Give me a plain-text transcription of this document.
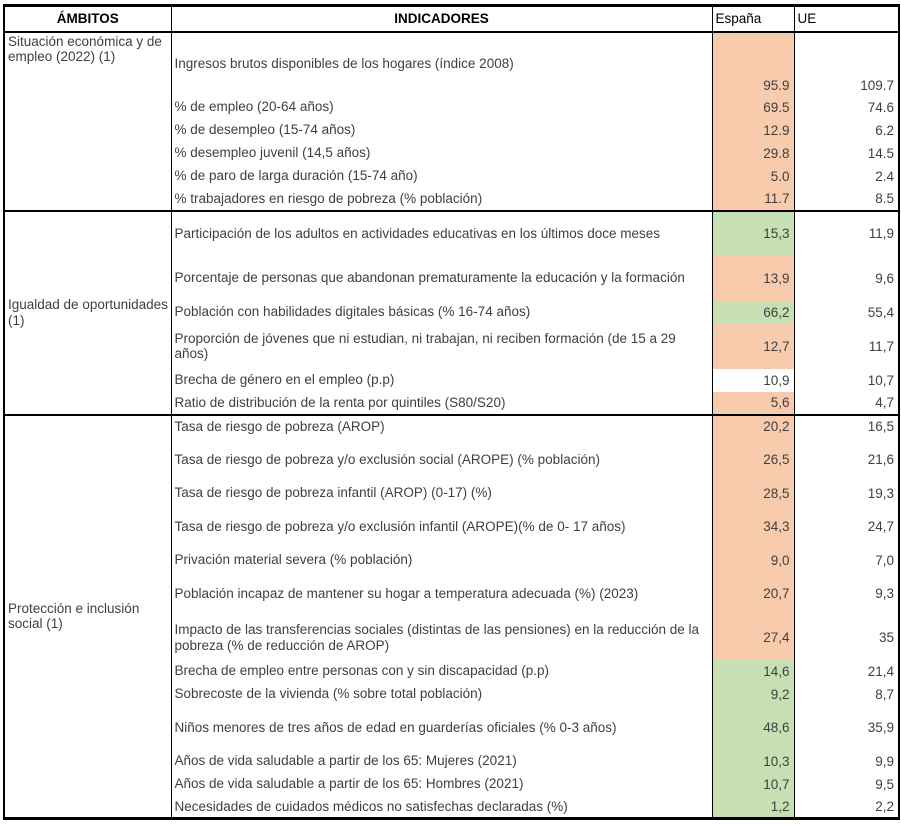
ÁMBITOS	INDICADORES	España	UE
Situación económica y de empleo (2022) (1)	Ingresos brutos disponibles de los hogares (índice 2008)	95.9	109.7
	% de empleo (20-64 años)	69.5	74.6
	% de desempleo (15-74 años)	12.9	6.2
	% desempleo juvenil (14,5 años)	29.8	14.5
	% de paro de larga duración (15-74 año)	5.0	2.4
	% trabajadores en riesgo de pobreza (% población)	11.7	8.5
Igualdad de oportunidades (1)	Participación de los adultos en actividades educativas en los últimos doce meses	15,3	11,9
	Porcentaje de personas que abandonan prematuramente la educación y la formación	13,9	9,6
	Población con habilidades digitales básicas (% 16-74 años)	66,2	55,4
	Proporción de jóvenes que ni estudian, ni trabajan, ni reciben formación (de 15 a 29 años)	12,7	11,7
	Brecha de género en el empleo (p.p)	10,9	10,7
	Ratio de distribución de la renta por quintiles (S80/S20)	5,6	4,7
Protección e inclusión social (1)	Tasa de riesgo de pobreza (AROP)	20,2	16,5
	Tasa de riesgo de pobreza y/o exclusión social (AROPE) (% población)	26,5	21,6
	Tasa de riesgo de pobreza infantil (AROP) (0-17) (%)	28,5	19,3
	Tasa de riesgo de pobreza y/o exclusión infantil (AROPE)(% de 0- 17 años)	34,3	24,7
	Privación material severa (% población)	9,0	7,0
	Población incapaz de mantener su hogar a temperatura adecuada (%) (2023)	20,7	9,3
	Impacto de las transferencias sociales (distintas de las pensiones) en la reducción de la pobreza (% de reducción de AROP)	27,4	35
	Brecha de empleo entre personas con y sin discapacidad (p.p)	14,6	21,4
	Sobrecoste de la vivienda (% sobre total población)	9,2	8,7
	Niños menores de tres años de edad en guarderías oficiales (% 0-3 años)	48,6	35,9
	Años de vida saludable a partir de los 65: Mujeres (2021)	10,3	9,9
	Años de vida saludable a partir de los 65: Hombres (2021)	10,7	9,5
	Necesidades de cuidados médicos no satisfechas declaradas (%)	1,2	2,2
